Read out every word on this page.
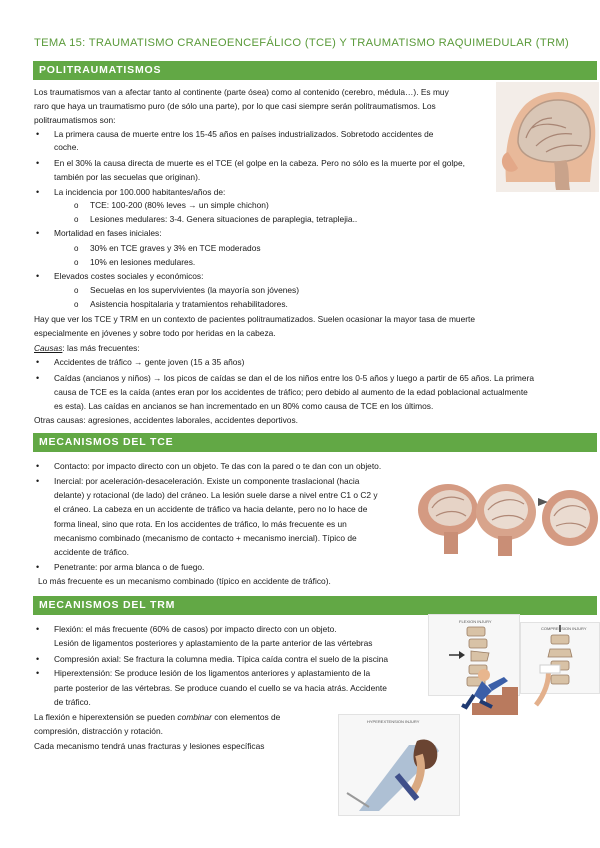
TEMA 15: TRAUMATISMO CRANEOENCEFÁLICO (TCE) Y TRAUMATISMO RAQUIMEDULAR (TRM)
POLITRAUMATISMOS
Los traumatismos van a afectar tanto al continente (parte ósea) como al contenido (cerebro, médula…). Es muy
raro que haya un traumatismo puro (de sólo una parte), por lo que casi siempre serán politraumatismos. Los
politraumatismos son:
• La primera causa de muerte entre los 15-45 años en países industrializados. Sobretodo accidentes de
coche.
• En el 30% la causa directa de muerte es el TCE (el golpe en la cabeza. Pero no sólo es la muerte por el golpe,
también por las secuelas que originan).
• La incidencia por 100.000 habitantes/años de:
o TCE: 100-200 (80% leves → un simple chichon)
o Lesiones medulares: 3-4. Genera situaciones de paraplegia, tetraplejia..
• Mortalidad en fases iniciales:
o 30% en TCE graves y 3% en TCE moderados
o 10% en lesiones medulares.
• Elevados costes sociales y económicos:
o Secuelas en los supervivientes (la mayoría son jóvenes)
o Asistencia hospitalaria y tratamientos rehabilitadores.
Hay que ver los TCE y TRM en un contexto de pacientes politraumatizados. Suelen ocasionar la mayor tasa de muerte
especialmente en jóvenes y sobre todo por heridas en la cabeza.
Causas: las más frecuentes:
• Accidentes de tráfico → gente joven (15 a 35 años)
• Caídas (ancianos y niños) → los picos de caídas se dan el de los niños entre los 0-5 años y luego a partir de 65 años. La primera
causa de TCE es la caída (antes eran por los accidentes de tráfico; pero debido al aumento de la edad poblacional actualmente
es esta). Las caídas en ancianos se han incrementado en un 80% como causa de TCE en los últimos.
Otras causas: agresiones, accidentes laborales, accidentes deportivos.
MECANISMOS DEL TCE
• Contacto: por impacto directo con un objeto. Te das con la pared o te dan con un objeto.
• Inercial: por aceleración-desaceleración. Existe un componente traslacional (hacia
delante) y rotacional (de lado) del cráneo. La lesión suele darse a nivel entre C1 o C2 y
el cráneo. La cabeza en un accidente de tráfico va hacia delante, pero no lo hace de
forma lineal, sino que rota. En los accidentes de tráfico, lo más frecuente es un
mecanismo combinado (mecanismo de contacto + mecanismo inercial). Típico de
accidente de tráfico.
• Penetrante: por arma blanca o de fuego.
Lo más frecuente es un mecanismo combinado (típico en accidente de tráfico).
MECANISMOS DEL TRM
• Flexión: el más frecuente (60% de casos) por impacto directo con un objeto.
Lesión de ligamentos posteriores y aplastamiento de la parte anterior de las vértebras
• Compresión axial: Se fractura la columna media. Típica caída contra el suelo de la piscina
• Hiperextensión: Se produce lesión de los ligamentos anteriores y aplastamiento de la
parte posterior de las vértebras. Se produce cuando el cuello se va hacia atrás. Accidente
de tráfico.
La flexión e hiperextensión se pueden combinar con elementos de
compresión, distracción y rotación.
Cada mecanismo tendrá unas fracturas y lesiones específicas
FLEXION INJURY
COMPRESSION INJURY
HYPEREXTENSION INJURY
